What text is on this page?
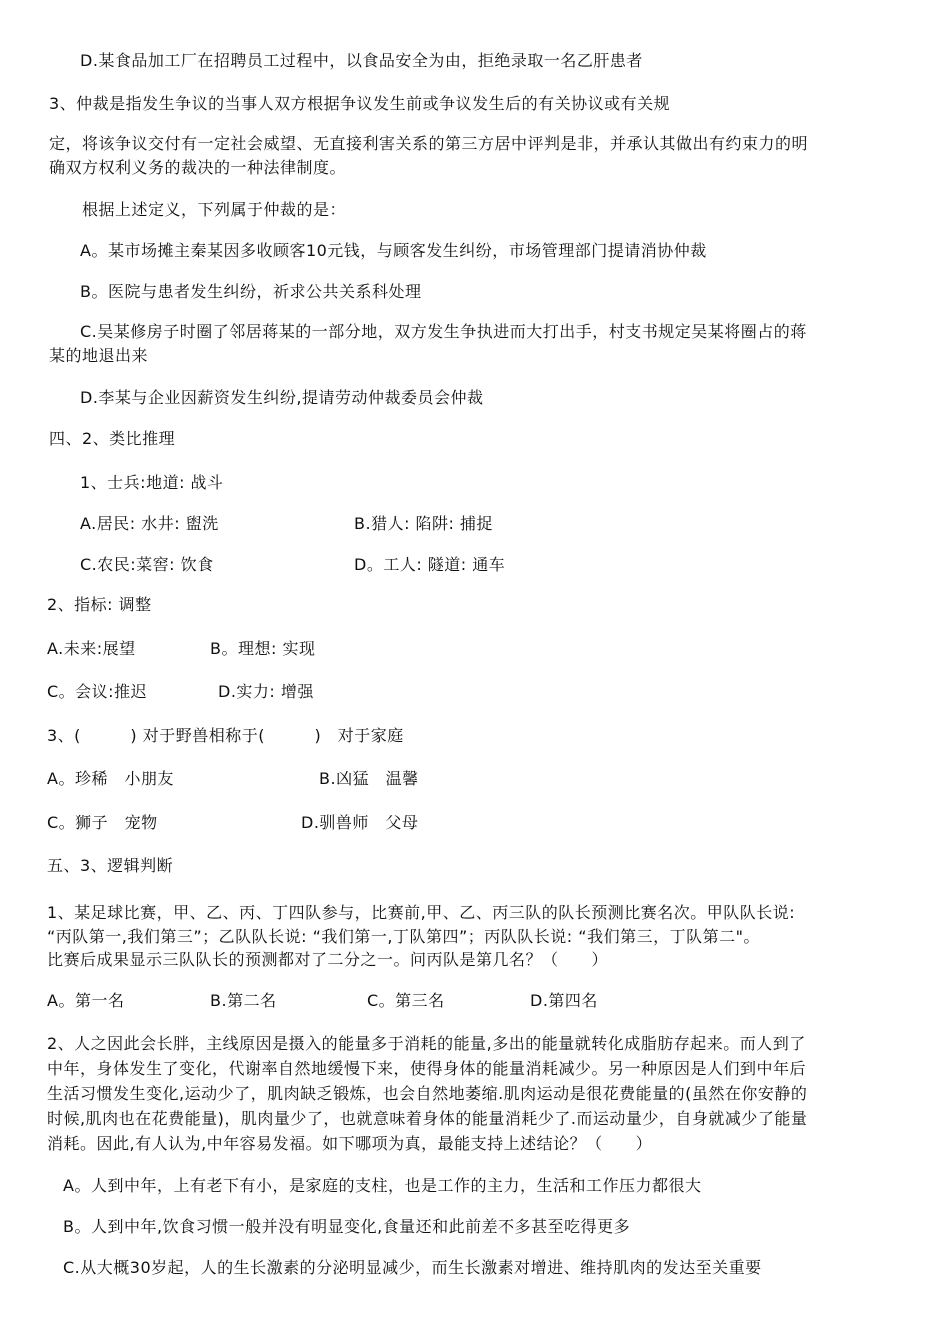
D.某食品加工厂在招聘员工过程中，以食品安全为由，拒绝录取一名乙肝患者
3、仲裁是指发生争议的当事人双方根据争议发生前或争议发生后的有关协议或有关规
定，将该争议交付有一定社会威望、无直接利害关系的第三方居中评判是非，并承认其做出有约束力的明
确双方权利义务的裁决的一种法律制度。
根据上述定义，下列属于仲裁的是：
A。某市场摊主秦某因多收顾客10元钱，与顾客发生纠纷，市场管理部门提请消协仲裁
B。医院与患者发生纠纷，祈求公共关系科处理
C.吴某修房子时圈了邻居蒋某的一部分地，双方发生争执进而大打出手，村支书规定吴某将圈占的蒋
某的地退出来
D.李某与企业因薪资发生纠纷,提请劳动仲裁委员会仲裁
四、2、类比推理
1、士兵:地道: 战斗
A.居民: 水井: 盥洗	B.猎人: 陷阱: 捕捉
C.农民:菜窖: 饮食	D。工人: 隧道: 通车
2、指标: 调整
A.未来:展望	B。理想: 实现
C。会议:推迟	D.实力: 增强
3、(　　　) 对于野兽相称于(　　　)　对于家庭
A。珍稀　小朋友	B.凶猛　温馨
C。狮子　宠物	D.驯兽师　父母
五、3、逻辑判断
1、某足球比赛，甲、乙、丙、丁四队参与，比赛前,甲、乙、丙三队的队长预测比赛名次。甲队队长说:
“丙队第一,我们第三”；乙队队长说: “我们第一,丁队第四”；丙队队长说: “我们第三，丁队第二"。
比赛后成果显示三队队长的预测都对了二分之一。问丙队是第几名？（　　）
A。第一名	B.第二名	C。第三名	D.第四名
2、人之因此会长胖，主线原因是摄入的能量多于消耗的能量,多出的能量就转化成脂肪存起来。而人到了
中年，身体发生了变化，代谢率自然地缓慢下来，使得身体的能量消耗减少。另一种原因是人们到中年后
生活习惯发生变化,运动少了，肌肉缺乏锻炼，也会自然地萎缩.肌肉运动是很花费能量的(虽然在你安静的
时候,肌肉也在花费能量)，肌肉量少了，也就意味着身体的能量消耗少了.而运动量少，自身就减少了能量
消耗。因此,有人认为,中年容易发福。如下哪项为真，最能支持上述结论？（　　）
A。人到中年，上有老下有小，是家庭的支柱，也是工作的主力，生活和工作压力都很大
B。人到中年,饮食习惯一般并没有明显变化,食量还和此前差不多甚至吃得更多
C.从大概30岁起，人的生长激素的分泌明显减少，而生长激素对增进、维持肌肉的发达至关重要
